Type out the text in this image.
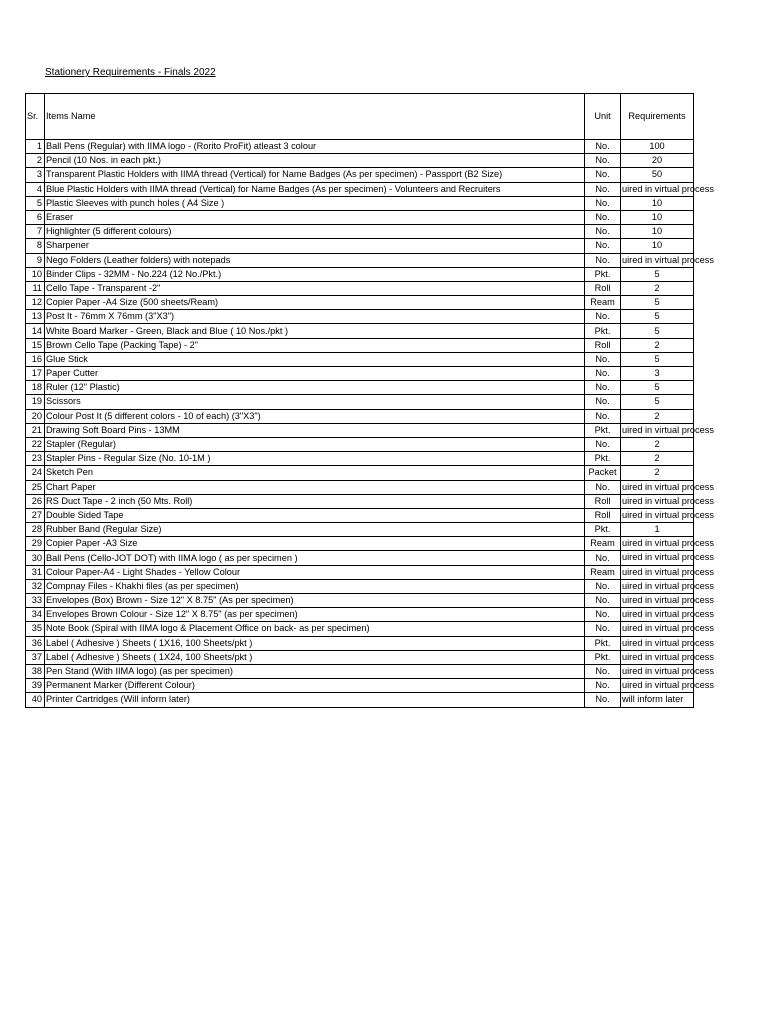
Stationery Requirements - Finals 2022
Sr.	Items Name	Unit	Requirements
1	Ball Pens (Regular) with IIMA logo - (Rorito ProFit) atleast 3 colour	No.	100

2	Pencil (10 Nos. in each pkt.)	No.	20

3	Transparent Plastic Holders with IIMA thread (Vertical) for Name Badges (As per specimen) - Passport (B2 Size)	No.	50

4	Blue Plastic Holders with IIMA thread (Vertical) for Name Badges (As per specimen) - Volunteers and Recruiters	No.	uired in virtual process

5	Plastic Sleeves with punch holes ( A4 Size )	No.	10

6	Eraser	No.	10

7	Highlighter (5 different colours)	No.	10

8	Sharpener	No.	10

9	Nego Folders (Leather folders) with notepads	No.	uired in virtual process

10	Binder Clips - 32MM - No.224 (12 No./Pkt.)	Pkt.	5

11	Cello Tape - Transparent -2"	Roll	2

12	Copier Paper -A4 Size (500 sheets/Ream)	Ream	5

13	Post It - 76mm X 76mm (3"X3")	No.	5

14	White Board Marker - Green, Black and Blue ( 10 Nos./pkt )	Pkt.	5

15	Brown Cello Tape (Packing Tape) - 2"	Roll	2

16	Glue Stick	No.	5

17	Paper Cutter	No.	3

18	Ruler (12" Plastic)	No.	5

19	Scissors	No.	5

20	Colour Post It (5 different colors - 10 of each) (3"X3")	No.	2

21	Drawing Soft Board Pins - 13MM	Pkt.	uired in virtual process

22	Stapler (Regular)	No.	2

23	Stapler Pins - Regular Size (No. 10-1M )	Pkt.	2

24	Sketch Pen	Packet	2

25	Chart Paper	No.	uired in virtual process

26	RS Duct Tape - 2 inch (50 Mts. Roll)	Roll	uired in virtual process

27	Double Sided Tape	Roll	uired in virtual process

28	Rubber Band (Regular Size)	Pkt.	1

29	Copier Paper -A3 Size	Ream	uired in virtual process

30	Ball Pens (Cello-JOT DOT) with IIMA logo ( as per specimen )	No.	uired in virtual process

31	Colour Paper-A4 - Light Shades - Yellow Colour	Ream	uired in virtual process

32	Compnay Files - Khakhi files (as per specimen)	No.	uired in virtual process

33	Envelopes (Box) Brown - Size 12" X 8.75" (As per specimen)	No.	uired in virtual process

34	Envelopes Brown Colour - Size 12" X 8.75" (as per specimen)	No.	uired in virtual process

35	Note Book (Spiral with IIMA logo & Placement Office on back- as per specimen)	No.	uired in virtual process

36	Label ( Adhesive ) Sheets ( 1X16, 100 Sheets/pkt )	Pkt.	uired in virtual process

37	Label ( Adhesive ) Sheets ( 1X24, 100 Sheets/pkt )	Pkt.	uired in virtual process

38	Pen Stand (With IIMA logo) (as per specimen)	No.	uired in virtual process

39	Permanent Marker (Different Colour)	No.	uired in virtual process

40	Printer Cartridges (Will inform later)	No.	will inform later
